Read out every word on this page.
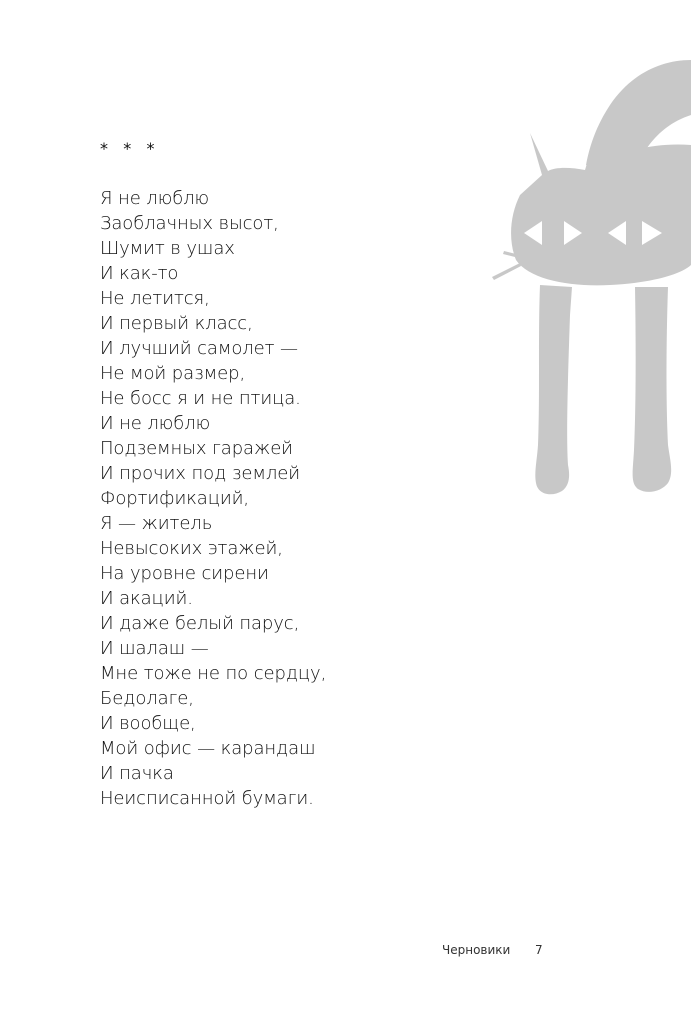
*   *   *
Я не люблю
Заоблачных высот,
Шумит в ушах
И как-то
Не летится,
И первый класс,
И лучший самолет —
Не мой размер,
Не босс я и не птица.
И не люблю
Подземных гаражей
И прочих под землей
Фортификаций,
Я — житель
Невысоких этажей,
На уровне сирени
И акаций.
И даже белый парус,
И шалаш —
Мне тоже не по сердцу,
Бедолаге,
И вообще,
Мой офис — карандаш
И пачка
Неисписанной бумаги.
Черновики 7
